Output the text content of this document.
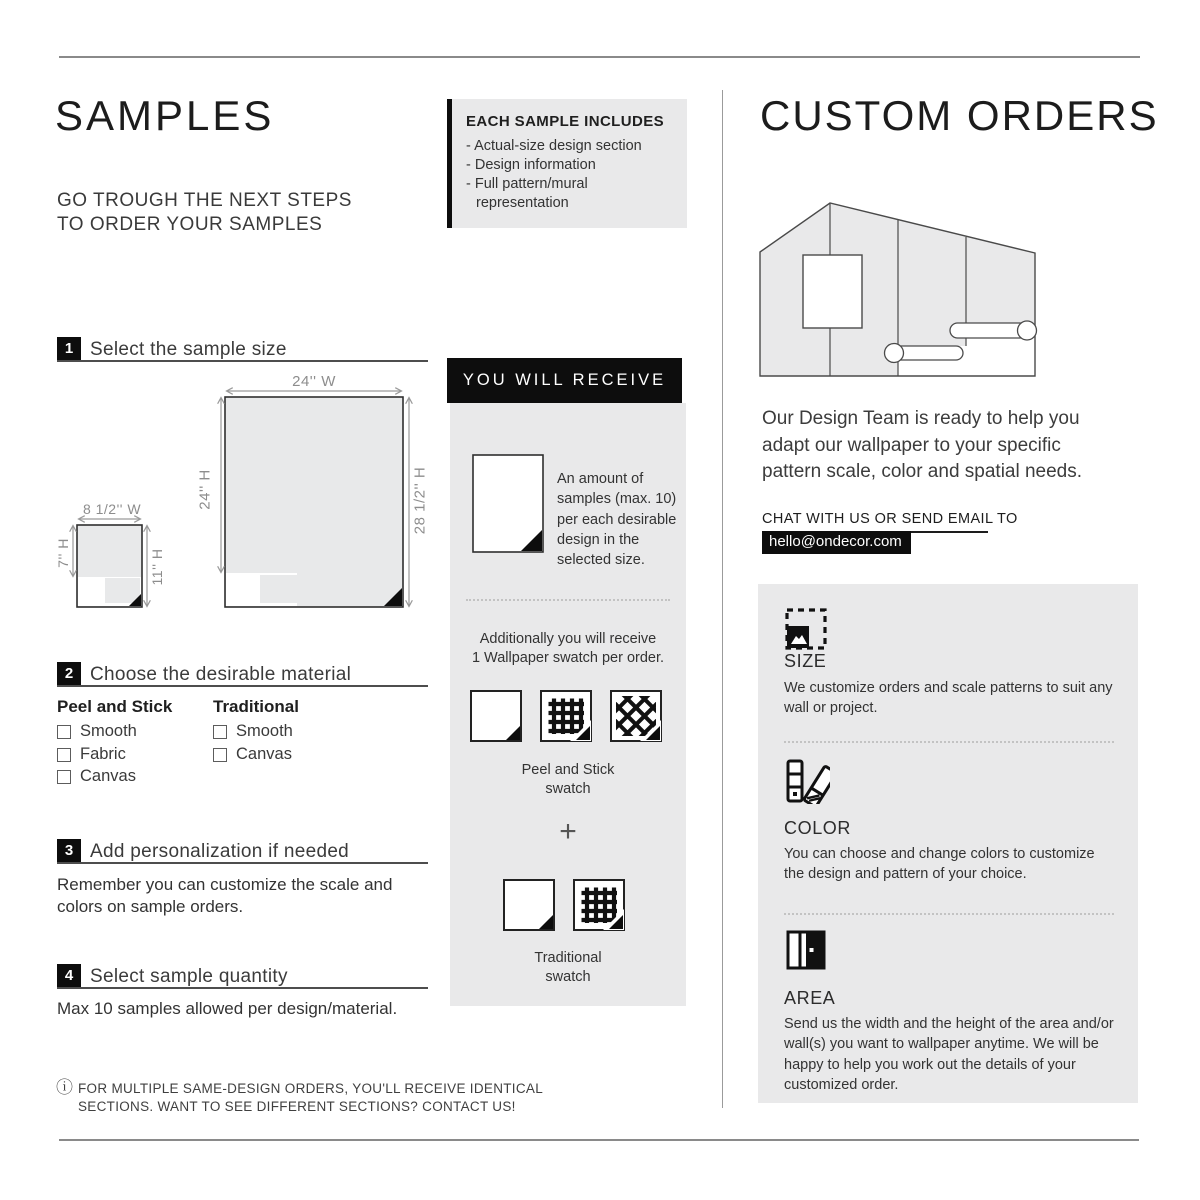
SAMPLES
GO TROUGH THE NEXT STEPS
TO ORDER YOUR SAMPLES
EACH SAMPLE INCLUDES
- Actual-size design section
- Design information
- Full pattern/mural representation
1 Select the sample size
24'' W
24'' H	28 1/2'' H
8 1/2'' W
7'' H	11'' H
2 Choose the desirable material
Peel and Stick
Smooth
Fabric
Canvas
Traditional
Smooth
Canvas
3 Add personalization if needed
Remember you can customize the scale and colors on sample orders.
4 Select sample quantity
Max 10 samples allowed per design/material.
ⓘ FOR MULTIPLE SAME-DESIGN ORDERS, YOU'LL RECEIVE IDENTICAL
SECTIONS. WANT TO SEE DIFFERENT SECTIONS? CONTACT US!
YOU WILL RECEIVE
An amount of samples (max. 10) per each desirable design in the selected size.
Additionally you will receive
1 Wallpaper swatch per order.
Peel and Stick
swatch
+
Traditional
swatch
CUSTOM ORDERS
Our Design Team is ready to help you adapt our wallpaper to your specific pattern scale, color and spatial needs.
CHAT WITH US OR SEND EMAIL TO
hello@ondecor.com
SIZE
We customize orders and scale patterns to suit any wall or project.
COLOR
You can choose and change colors to customize the design and pattern of your choice.
AREA
Send us the width and the height of the area and/or wall(s) you want to wallpaper anytime. We will be happy to help you work out the details of your customized order.
